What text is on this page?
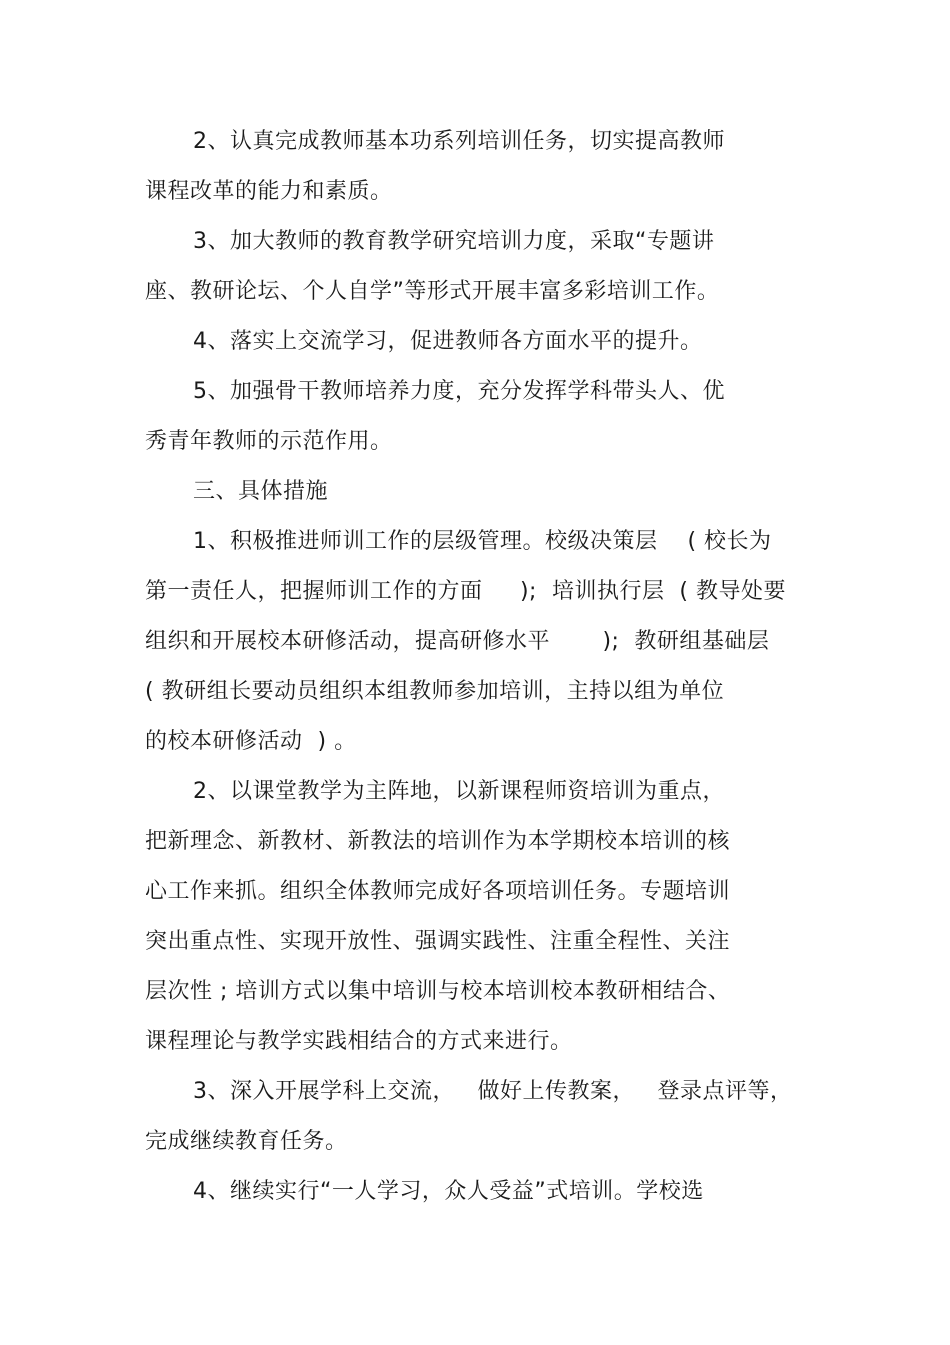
2、认真完成教师基本功系列培训任务，切实提高教师
课程改革的能力和素质。
3、加大教师的教育教学研究培训力度，采取“专题讲
座、教研论坛、个人自学”等形式开展丰富多彩培训工作。
4、落实上交流学习，促进教师各方面水平的提升。
5、加强骨干教师培养力度，充分发挥学科带头人、优
秀青年教师的示范作用。
三、具体措施
1、积极推进师训工作的层级管理。校级决策层    ( 校长为
第一责任人，把握师训工作的方面     );  培训执行层  ( 教导处要
组织和开展校本研修活动，提高研修水平       );  教研组基础层
( 教研组长要动员组织本组教师参加培训，主持以组为单位
的校本研修活动  ) 。
2、以课堂教学为主阵地，以新课程师资培训为重点，
把新理念、新教材、新教法的培训作为本学期校本培训的核
心工作来抓。组织全体教师完成好各项培训任务。专题培训
突出重点性、实现开放性、强调实践性、注重全程性、关注
层次性 ; 培训方式以集中培训与校本培训校本教研相结合、
课程理论与教学实践相结合的方式来进行。
3、深入开展学科上交流，   做好上传教案，   登录点评等，
完成继续教育任务。
4、继续实行“一人学习，众人受益”式培训。学校选
